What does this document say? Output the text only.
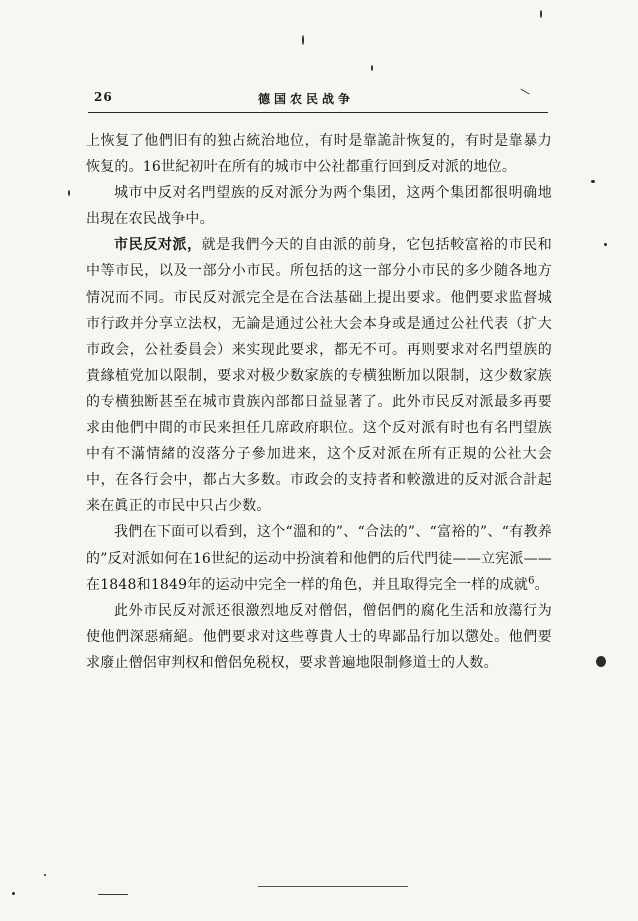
26	德国农民战争

上恢复了他們旧有的独占統治地位，有时是靠詭計恢复的，有时是靠暴力恢复的。16世紀初叶在所有的城市中公社都重行回到反对派的地位。

城市中反对名門望族的反对派分为两个集团，这两个集团都很明确地出現在农民战争中。

市民反对派，就是我們今天的自由派的前身，它包括較富裕的市民和中等市民，以及一部分小市民。所包括的这一部分小市民的多少随各地方情况而不同。市民反对派完全是在合法基础上提出要求。他們要求监督城市行政并分享立法权，无論是通过公社大会本身或是通过公社代表（扩大市政会，公社委員会）来实现此要求，都无不可。再则要求对名門望族的貴緣植党加以限制，要求对极少数家族的专横独断加以限制，这少数家族的专横独断甚至在城市貴族內部都日益显著了。此外市民反对派最多再要求由他們中間的市民来担任几席政府职位。这个反对派有时也有名門望族中有不滿情緒的沒落分子參加进来，这个反对派在所有正規的公社大会中，在各行会中，都占大多数。市政会的支持者和較激进的反对派合計起来在眞正的市民中只占少数。

我們在下面可以看到，这个“溫和的”、“合法的”、“富裕的”、“有教养的”反对派如何在16世紀的运动中扮演着和他們的后代門徒——立宪派——在1848和1849年的运动中完全一样的角色，并且取得完全一样的成就$^6$。

此外市民反对派还很激烈地反对僧侶，僧侶們的腐化生活和放蕩行为使他們深惡痛絕。他們要求对这些尊貴人士的卑鄙品行加以懲处。他們要求廢止僧侶审判权和僧侶免税权，要求普遍地限制修道士的人数。
